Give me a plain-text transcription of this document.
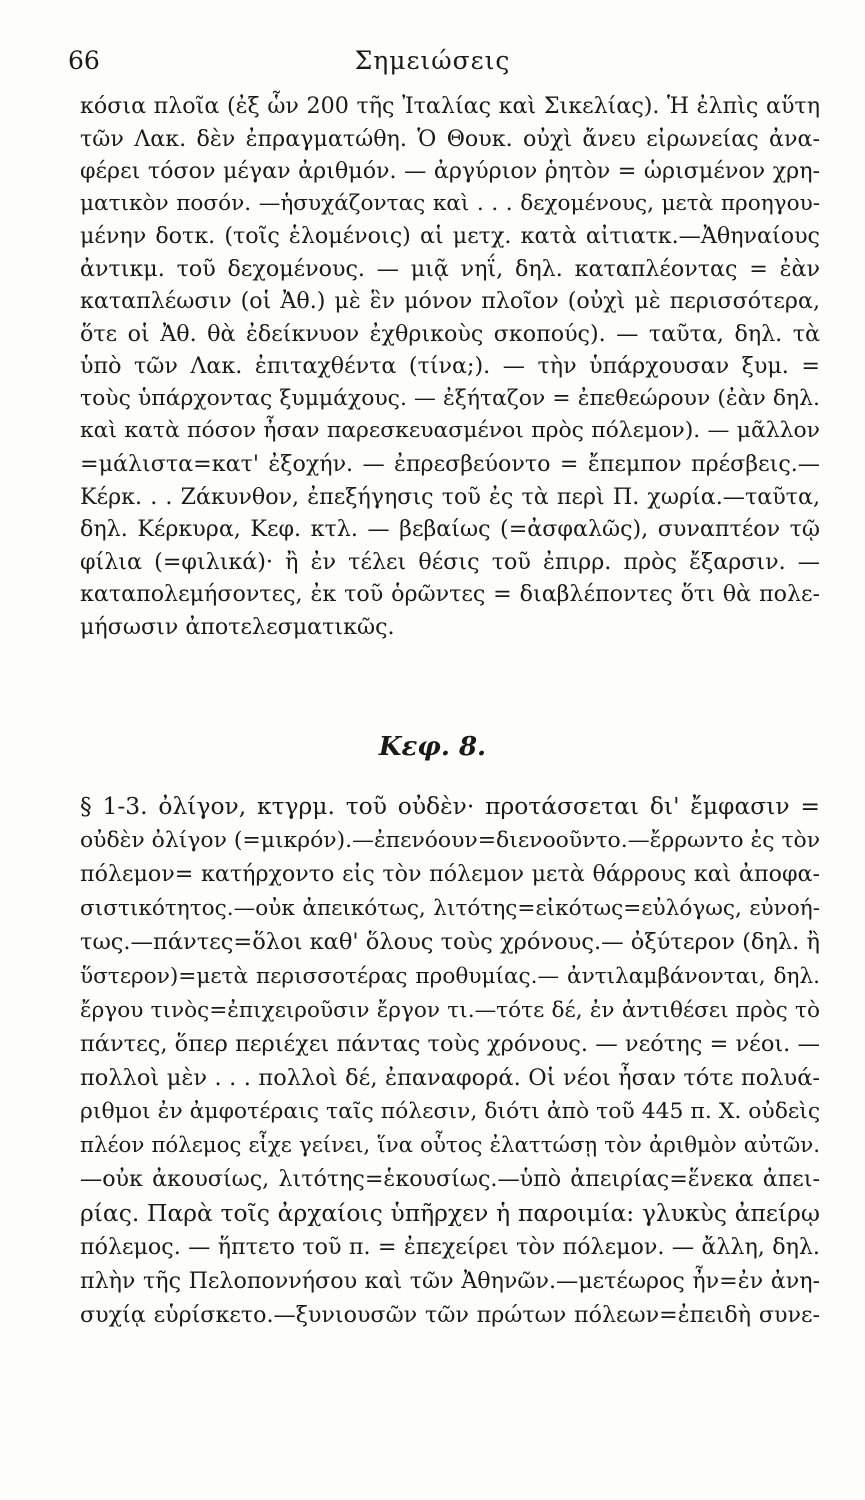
66	Σημειώσεις
κόσια πλοῖα (ἐξ ὧν 200 τῆς Ἰταλίας καὶ Σικελίας). Ἡ ἐλπὶς αὕτη
τῶν Λακ. δὲν ἐπραγματώθη. Ὁ Θουκ. οὐχὶ ἄνευ εἰρωνείας ἀνα-
φέρει τόσον μέγαν ἀριθμόν. — ἀργύριον ῥητὸν = ὡρισμένον χρη-
ματικὸν ποσόν. —ἡσυχάζοντας καὶ . . . δεχομένους, μετὰ προηγου-
μένην δοτκ. (τοῖς ἑλομένοις) αἱ μετχ. κατὰ αἰτιατκ.—Ἀθηναίους
ἀντικμ. τοῦ δεχομένους. — μιᾷ νηΐ, δηλ. καταπλέοντας = ἐὰν
καταπλέωσιν (οἱ Ἀθ.) μὲ ἓν μόνον πλοῖον (οὐχὶ μὲ περισσότερα,
ὅτε οἱ Ἀθ. θὰ ἐδείκνυον ἐχθρικοὺς σκοπούς). — ταῦτα, δηλ. τὰ
ὑπὸ τῶν Λακ. ἐπιταχθέντα (τίνα;). — τὴν ὑπάρχουσαν ξυμ. =
τοὺς ὑπάρχοντας ξυμμάχους. — ἐξήταζον = ἐπεθεώρουν (ἐὰν δηλ.
καὶ κατὰ πόσον ἦσαν παρεσκευασμένοι πρὸς πόλεμον). — μᾶλλον
=μάλιστα=κατ' ἐξοχήν. — ἐπρεσβεύοντο = ἔπεμπον πρέσβεις.—
Κέρκ. . . Ζάκυνθον, ἐπεξήγησις τοῦ ἐς τὰ περὶ Π. χωρία.—ταῦτα,
δηλ. Κέρκυρα, Κεφ. κτλ. — βεβαίως (=ἀσφαλῶς), συναπτέον τῷ
φίλια (=φιλικά)· ἢ ἐν τέλει θέσις τοῦ ἐπιρρ. πρὸς ἔξαρσιν. —
καταπολεμήσοντες, ἐκ τοῦ ὁρῶντες = διαβλέποντες ὅτι θὰ πολε-
μήσωσιν ἀποτελεσματικῶς.
Κεφ. 8.
§ 1-3. ὀλίγον, κτγρμ. τοῦ οὐδὲν· προτάσσεται δι' ἔμφασιν =
οὐδὲν ὀλίγον (=μικρόν).—ἐπενόουν=διενοοῦντο.—ἔρρωντο ἐς τὸν
πόλεμον= κατήρχοντο εἰς τὸν πόλεμον μετὰ θάρρους καὶ ἀποφα-
σιστικότητος.—οὐκ ἀπεικότως, λιτότης=εἰκότως=εὐλόγως, εὐνοή-
τως.—πάντες=ὅλοι καθ' ὅλους τοὺς χρόνους.— ὀξύτερον (δηλ. ἢ
ὕστερον)=μετὰ περισσοτέρας προθυμίας.— ἀντιλαμβάνονται, δηλ.
ἔργου τινὸς=ἐπιχειροῦσιν ἔργον τι.—τότε δέ, ἐν ἀντιθέσει πρὸς τὸ
πάντες, ὅπερ περιέχει πάντας τοὺς χρόνους. — νεότης = νέοι. —
πολλοὶ μὲν . . . πολλοὶ δέ, ἐπαναφορά. Οἱ νέοι ἦσαν τότε πολυά-
ριθμοι ἐν ἀμφοτέραις ταῖς πόλεσιν, διότι ἀπὸ τοῦ 445 π. Χ. οὐδεὶς
πλέον πόλεμος εἶχε γείνει, ἵνα οὗτος ἐλαττώσῃ τὸν ἀριθμὸν αὐτῶν.
—οὐκ ἀκουσίως, λιτότης=ἑκουσίως.—ὑπὸ ἀπειρίας=ἕνεκα ἀπει-
ρίας. Παρὰ τοῖς ἀρχαίοις ὑπῆρχεν ἡ παροιμία: γλυκὺς ἀπείρῳ
πόλεμος. — ἥπτετο τοῦ π. = ἐπεχείρει τὸν πόλεμον. — ἄλλη, δηλ.
πλὴν τῆς Πελοποννήσου καὶ τῶν Ἀθηνῶν.—μετέωρος ἦν=ἐν ἀνη-
συχίᾳ εὑρίσκετο.—ξυνιουσῶν τῶν πρώτων πόλεων=ἐπειδὴ συνε-
